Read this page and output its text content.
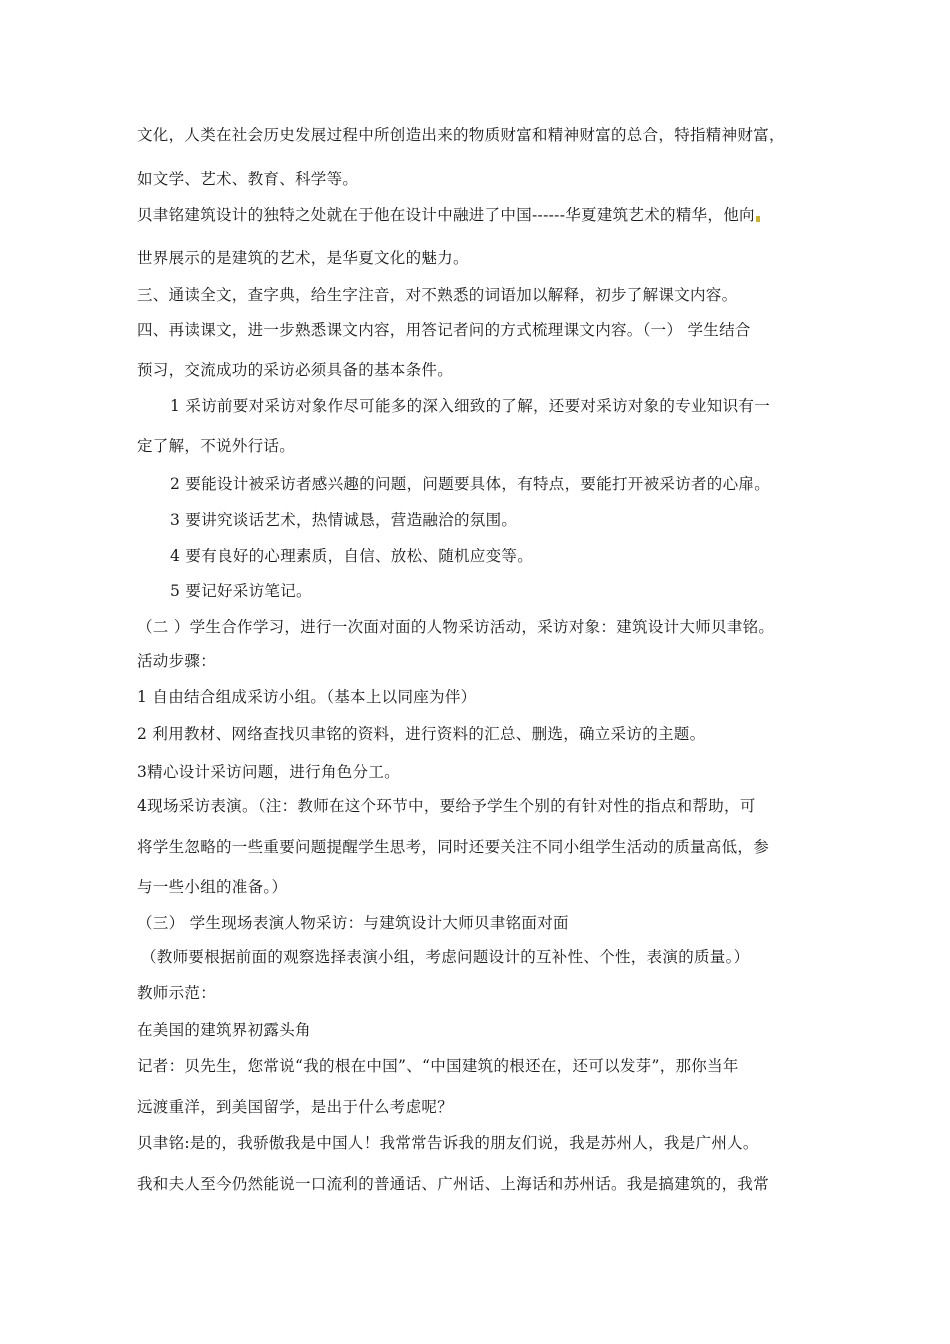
文化，人类在社会历史发展过程中所创造出来的物质财富和精神财富的总合，特指精神财富，
如文学、艺术、教育、科学等。
贝聿铭建筑设计的独特之处就在于他在设计中融进了中国------华夏建筑艺术的精华，他向
世界展示的是建筑的艺术，是华夏文化的魅力。
三、通读全文，查字典，给生字注音，对不熟悉的词语加以解释，初步了解课文内容。
四、再读课文，进一步熟悉课文内容，用答记者问的方式梳理课文内容。（一） 学生结合
预习，交流成功的采访必须具备的基本条件。
1 采访前要对采访对象作尽可能多的深入细致的了解，还要对采访对象的专业知识有一
定了解，不说外行话。
2 要能设计被采访者感兴趣的问题，问题要具体，有特点，要能打开被采访者的心扉。
3 要讲究谈话艺术，热情诚恳，营造融洽的氛围。
4 要有良好的心理素质，自信、放松、随机应变等。
5 要记好采访笔记。
（二 ）学生合作学习，进行一次面对面的人物采访活动，采访对象：建筑设计大师贝聿铭。
活动步骤：
1 自由结合组成采访小组。（基本上以同座为伴）
2 利用教材、网络查找贝聿铭的资料，进行资料的汇总、删选，确立采访的主题。
3精心设计采访问题，进行角色分工。
4现场采访表演。（注：教师在这个环节中，要给予学生个别的有针对性的指点和帮助，可
将学生忽略的一些重要问题提醒学生思考，同时还要关注不同小组学生活动的质量高低，参
与一些小组的准备。）
（三） 学生现场表演人物采访：与建筑设计大师贝聿铭面对面
（教师要根据前面的观察选择表演小组，考虑问题设计的互补性、个性，表演的质量。）
教师示范：
在美国的建筑界初露头角
记者：贝先生，您常说“我的根在中国”、“中国建筑的根还在，还可以发芽”，那你当年
远渡重洋，到美国留学，是出于什么考虑呢？
贝聿铭:是的，我骄傲我是中国人！我常常告诉我的朋友们说，我是苏州人，我是广州人。
我和夫人至今仍然能说一口流利的普通话、广州话、上海话和苏州话。我是搞建筑的，我常
